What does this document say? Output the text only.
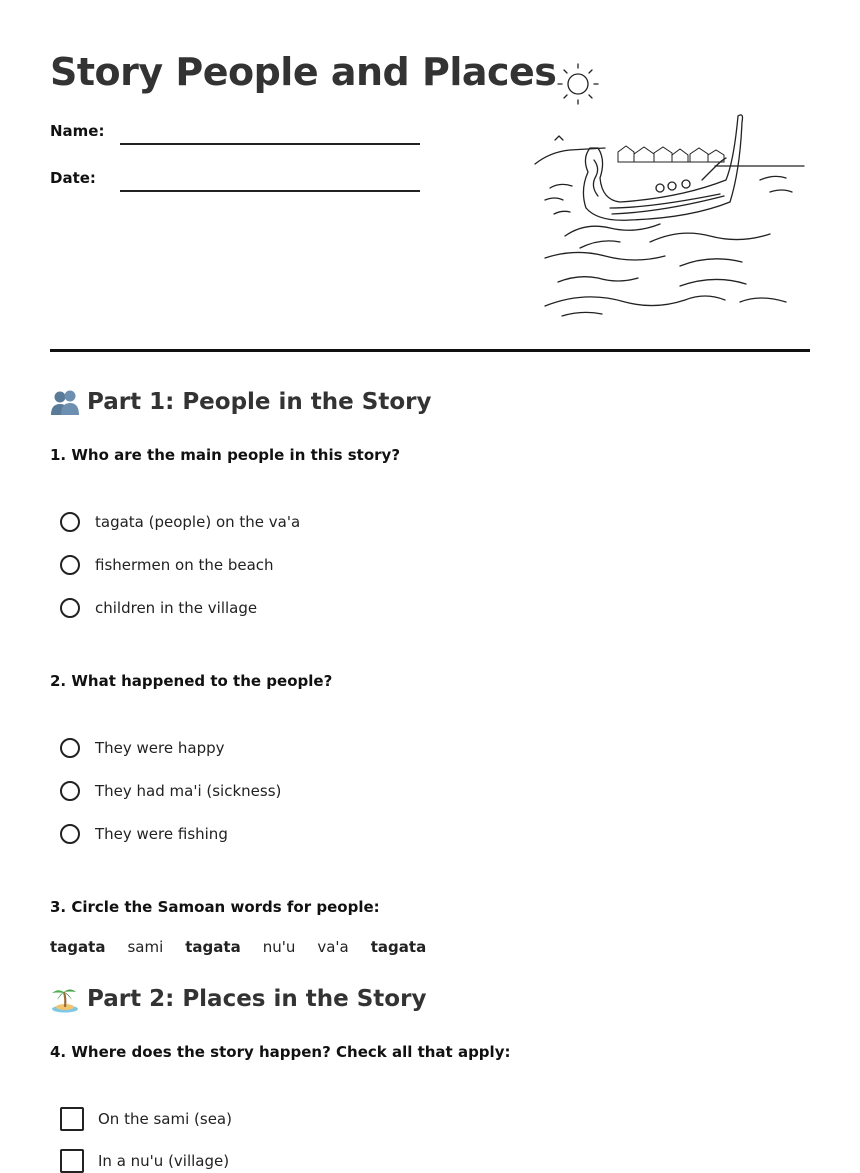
Story People and Places
Name:
Date:
Part 1: People in the Story
1. Who are the main people in this story?
tagata (people) on the va'a
fishermen on the beach
children in the village
2. What happened to the people?
They were happy
They had ma'i (sickness)
They were fishing
3. Circle the Samoan words for people:
tagata sami tagata nu'u va'a tagata
Part 2: Places in the Story
4. Where does the story happen? Check all that apply:
On the sami (sea)
In a nu'u (village)
